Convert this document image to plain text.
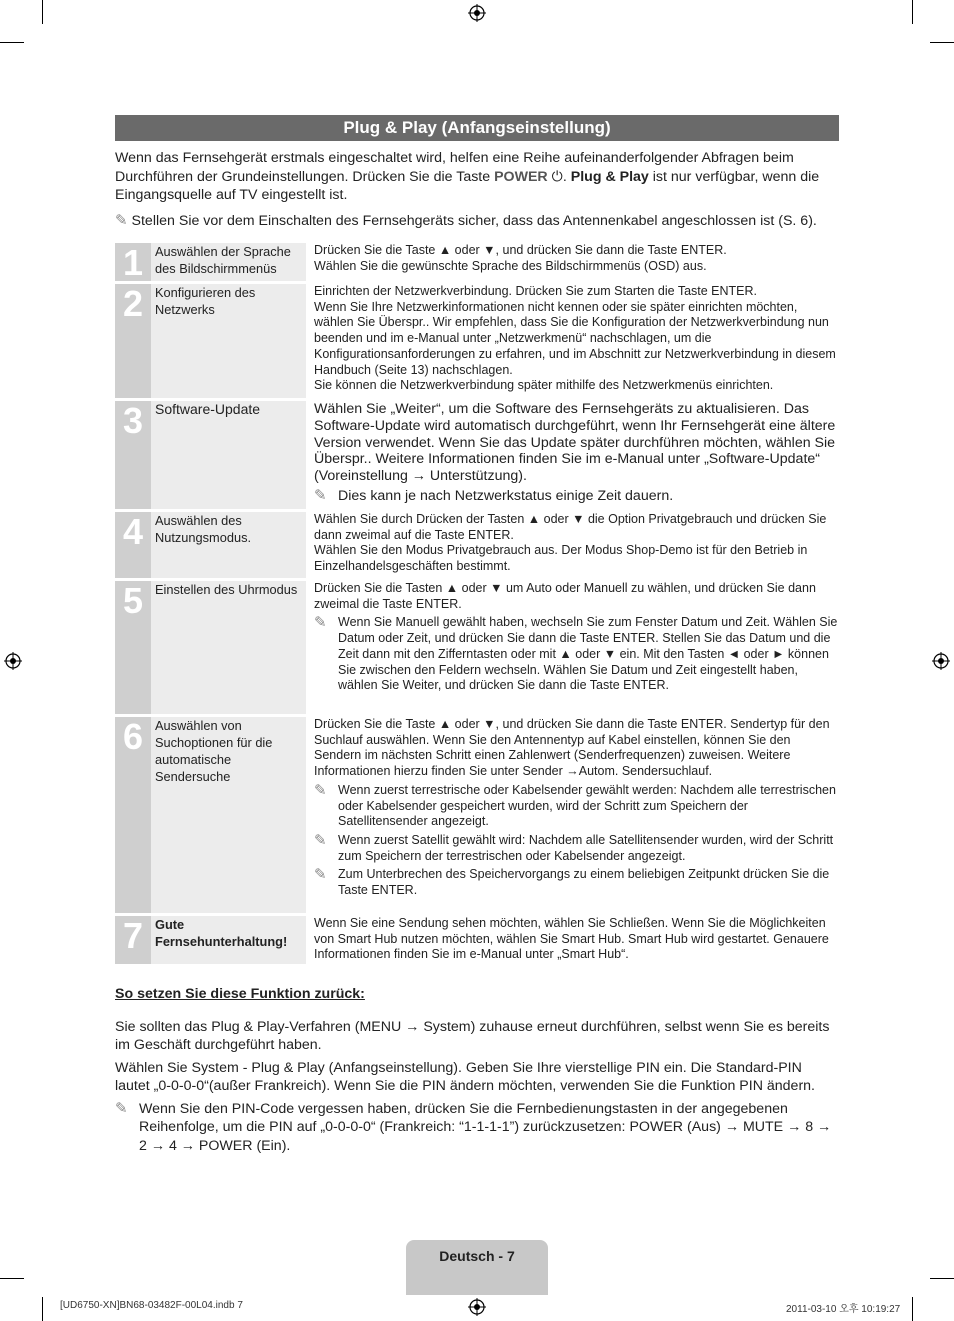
Plug & Play (Anfangseinstellung)

Wenn das Fernsehgerät erstmals eingeschaltet wird, helfen eine Reihe aufeinanderfolgender Abfragen beim Durchführen der Grundeinstellungen. Drücken Sie die Taste POWER ⏻. Plug & Play ist nur verfügbar, wenn die Eingangsquelle auf TV eingestellt ist.

✎ Stellen Sie vor dem Einschalten des Fernsehgeräts sicher, dass das Antennenkabel angeschlossen ist (S. 6).
1 Auswählen der Sprache des Bildschirmmenüs

Drücken Sie die Taste ▲ oder ▼, und drücken Sie dann die Taste ENTER.

Wählen Sie die gewünschte Sprache des Bildschirmmenüs (OSD) aus.

2 Konfigurieren des Netzwerks

Einrichten der Netzwerkverbindung. Drücken Sie zum Starten die Taste ENTER.

Wenn Sie Ihre Netzwerkinformationen nicht kennen oder sie später einrichten möchten, wählen Sie Überspr.. Wir empfehlen, dass Sie die Konfiguration der Netzwerkverbindung nun beenden und im e-Manual unter „Netzwerkmenü“ nachschlagen, um die Konfigurationsanforderungen zu erfahren, und im Abschnitt zur Netzwerkverbindung in diesem Handbuch (Seite 13) nachschlagen.

Sie können die Netzwerkverbindung später mithilfe des Netzwerkmenüs einrichten.

3 Software-Update	Wählen Sie „Weiter“, um die Software des Fernsehgeräts zu aktualisieren. Das Software-Update wird automatisch durchgeführt, wenn Ihr Fernsehgerät eine ältere Version verwendet. Wenn Sie das Update später durchführen möchten, wählen Sie Überspr.. Weitere Informationen finden Sie im e-Manual unter „Software-Update“ (Voreinstellung → Unterstützung).

✎ Dies kann je nach Netzwerkstatus einige Zeit dauern.
4 Auswählen des Nutzungsmodus.

Wählen Sie durch Drücken der Tasten ▲ oder ▼ die Option Privatgebrauch und drücken Sie dann zweimal auf die Taste ENTER.

Wählen Sie den Modus Privatgebrauch aus. Der Modus Shop-Demo ist für den Betrieb in Einzelhandelsgeschäften bestimmt.

5 Einstellen des Uhrmodus	Drücken Sie die Tasten ▲ oder ▼ um Auto oder Manuell zu wählen, und drücken Sie dann zweimal die Taste ENTER.

✎ Wenn Sie Manuell gewählt haben, wechseln Sie zum Fenster Datum und Zeit. Wählen Sie Datum oder Zeit, und drücken Sie dann die Taste ENTER. Stellen Sie das Datum und die Zeit dann mit den Zifferntasten oder mit ▲ oder ▼ ein. Mit den Tasten ◄ oder ► können Sie zwischen den Feldern wechseln. Wählen Sie Datum und Zeit eingestellt haben, wählen Sie Weiter, und drücken Sie dann die Taste ENTER.
6 Auswählen von Suchoptionen für die automatische Sendersuche

Drücken Sie die Taste ▲ oder ▼, und drücken Sie dann die Taste ENTER. Sendertyp für den Suchlauf auswählen. Wenn Sie den Antennentyp auf Kabel einstellen, können Sie den Sendern im nächsten Schritt einen Zahlenwert (Senderfrequenzen) zuweisen. Weitere Informationen hierzu finden Sie unter Sender →Autom. Sendersuchlauf.

✎ Wenn zuerst terrestrische oder Kabelsender gewählt werden: Nachdem alle terrestrischen oder Kabelsender gespeichert wurden, wird der Schritt zum Speichern der Satellitensender angezeigt.
✎ Wenn zuerst Satellit gewählt wird: Nachdem alle Satellitensender wurden, wird der Schritt zum Speichern der terrestrischen oder Kabelsender angezeigt.
✎ Zum Unterbrechen des Speichervorgangs zu einem beliebigen Zeitpunkt drücken Sie die Taste ENTER.
7 Gute Fernsehunterhaltung!

Wenn Sie eine Sendung sehen möchten, wählen Sie Schließen. Wenn Sie die Möglichkeiten von Smart Hub nutzen möchten, wählen Sie Smart Hub. Smart Hub wird gestartet. Genauere Informationen finden Sie im e-Manual unter „Smart Hub“.

So setzen Sie diese Funktion zurück:

Sie sollten das Plug & Play-Verfahren (MENU → System) zuhause erneut durchführen, selbst wenn Sie es bereits im Geschäft durchgeführt haben.

Wählen Sie System - Plug & Play (Anfangseinstellung). Geben Sie Ihre vierstellige PIN ein. Die Standard-PIN lautet „0-0-0-0“(außer Frankreich). Wenn Sie die PIN ändern möchten, verwenden Sie die Funktion PIN ändern.

✎ Wenn Sie den PIN-Code vergessen haben, drücken Sie die Fernbedienungstasten in der angegebenen Reihenfolge, um die PIN auf „0-0-0-0“ (Frankreich: “1-1-1-1”) zurückzusetzen: POWER (Aus) → MUTE → 8 → 2 → 4 → POWER (Ein).
Deutsch - 7
[UD6750-XN]BN68-03482F-00L04.indb 7	2011-03-10 오후 10:19:27
